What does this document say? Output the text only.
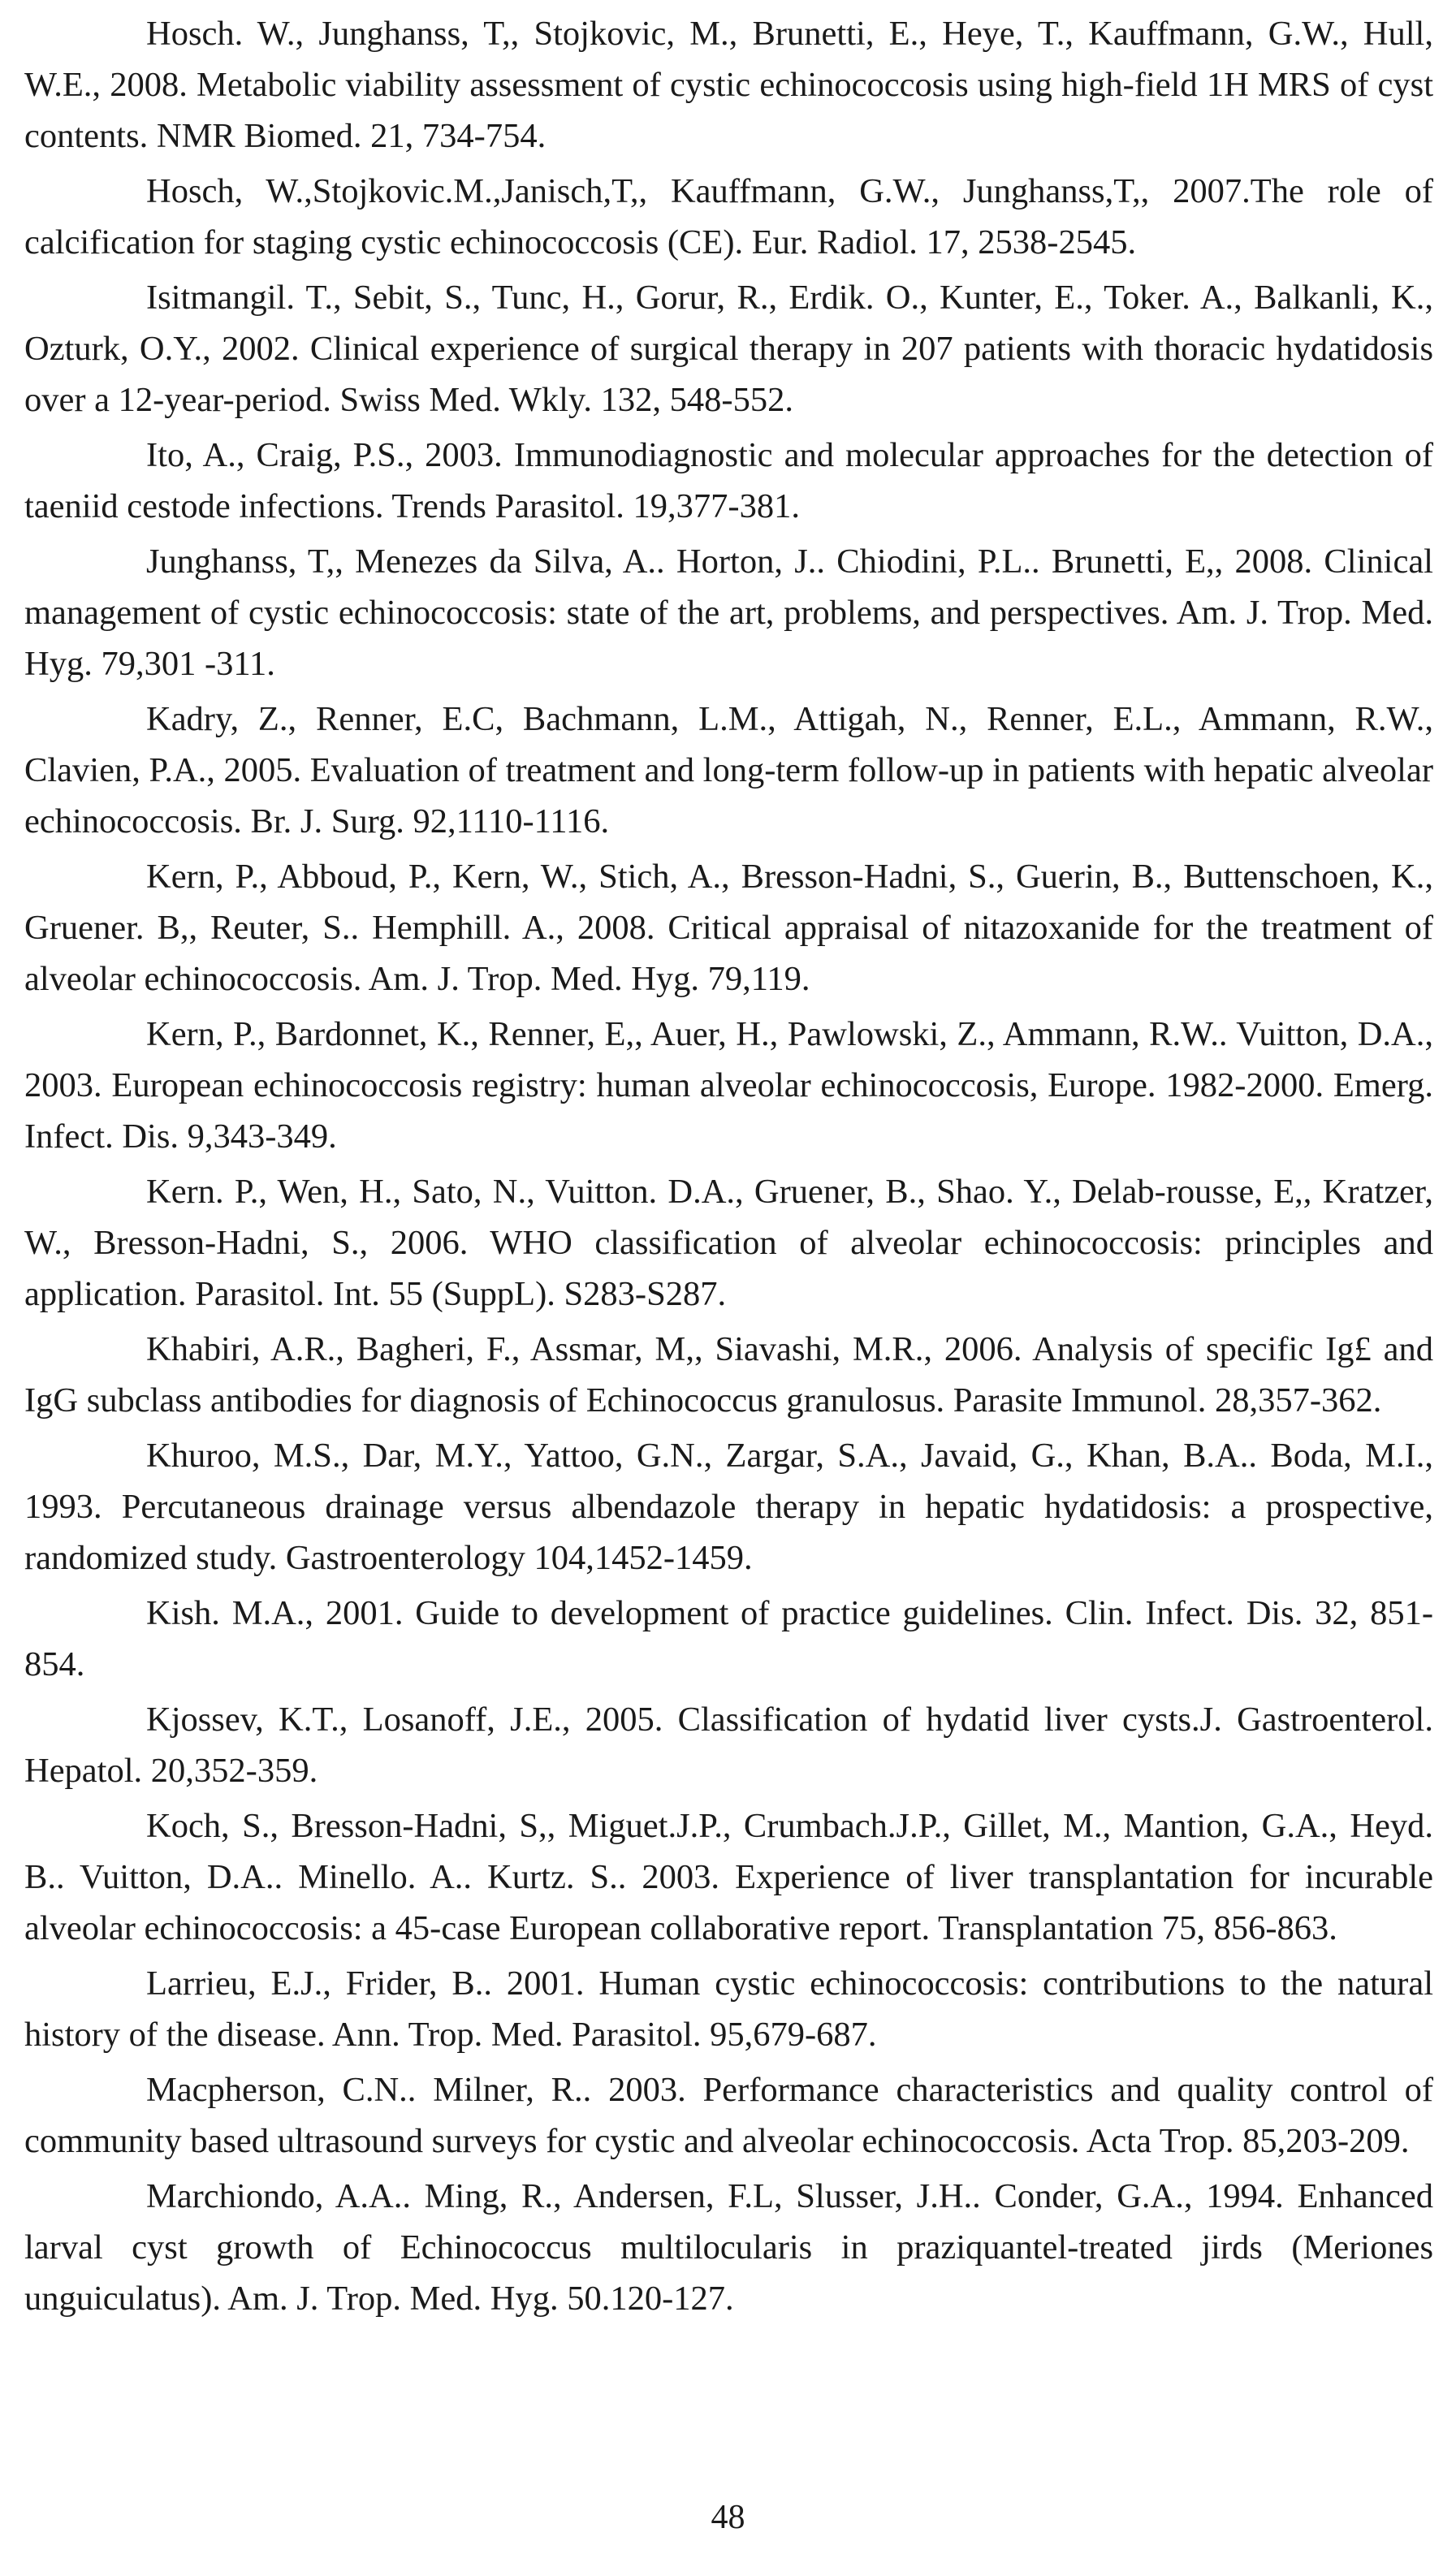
Hosch. W., Junghanss, T,, Stojkovic, M., Brunetti, E., Heye, T., Kauffmann, G.W., Hull, W.E., 2008. Metabolic viability assessment of cystic echinococcosis using high-field 1H MRS of cyst contents. NMR Biomed. 21, 734-754.

Hosch, W.,Stojkovic.M.,Janisch,T,, Kauffmann, G.W., Junghanss,T,, 2007.The role of calcification for staging cystic echinococcosis (CE). Eur. Radiol. 17, 2538-2545.

Isitmangil. T., Sebit, S., Tunc, H., Gorur, R., Erdik. O., Kunter, E., Toker. A., Balkanli, K., Ozturk, O.Y., 2002. Clinical experience of surgical therapy in 207 patients with thoracic hydatidosis over a 12-year-period. Swiss Med. Wkly. 132, 548-552.

Ito, A., Craig, P.S., 2003. Immunodiagnostic and molecular approaches for the detection of taeniid cestode infections. Trends Parasitol. 19,377-381.

Junghanss, T,, Menezes da Silva, A.. Horton, J.. Chiodini, P.L.. Brunetti, E,, 2008. Clinical management of cystic echinococcosis: state of the art, problems, and perspectives. Am. J. Trop. Med. Hyg. 79,301 -311.

Kadry, Z., Renner, E.C, Bachmann, L.M., Attigah, N., Renner, E.L., Ammann, R.W., Clavien, P.A., 2005. Evaluation of treatment and long-term follow-up in patients with hepatic alveolar echinococcosis. Br. J. Surg. 92,1110-1116.

Kern, P., Abboud, P., Kern, W., Stich, A., Bresson-Hadni, S., Guerin, B., Buttenschoen, K., Gruener. B,, Reuter, S.. Hemphill. A., 2008. Critical appraisal of nitazoxanide for the treatment of alveolar echinococcosis. Am. J. Trop. Med. Hyg. 79,119.

Kern, P., Bardonnet, K., Renner, E,, Auer, H., Pawlowski, Z., Ammann, R.W.. Vuitton, D.A., 2003. European echinococcosis registry: human alveolar echinococcosis, Europe. 1982-2000. Emerg. Infect. Dis. 9,343-349.

Kern. P., Wen, H., Sato, N., Vuitton. D.A., Gruener, B., Shao. Y., Delab-rousse, E,, Kratzer, W., Bresson-Hadni, S., 2006. WHO classification of alveolar echinococcosis: principles and application. Parasitol. Int. 55 (SuppL). S283-S287.

Khabiri, A.R., Bagheri, F., Assmar, M,, Siavashi, M.R., 2006. Analysis of specific Ig£ and IgG subclass antibodies for diagnosis of Echinococcus granulosus. Parasite Immunol. 28,357-362.

Khuroo, M.S., Dar, M.Y., Yattoo, G.N., Zargar, S.A., Javaid, G., Khan, B.A.. Boda, M.I., 1993. Percutaneous drainage versus albendazole therapy in hepatic hydatidosis: a prospective, randomized study. Gastroenterology 104,1452-1459.

Kish. M.A., 2001. Guide to development of practice guidelines. Clin. Infect. Dis. 32, 851-854.

Kjossev, K.T., Losanoff, J.E., 2005. Classification of hydatid liver cysts.J. Gastroenterol. Hepatol. 20,352-359.

Koch, S., Bresson-Hadni, S,, Miguet.J.P., Crumbach.J.P., Gillet, M., Mantion, G.A., Heyd. B.. Vuitton, D.A.. Minello. A.. Kurtz. S.. 2003. Experience of liver transplantation for incurable alveolar echinococcosis: a 45-case European collaborative report. Transplantation 75, 856-863.

Larrieu, E.J., Frider, B.. 2001. Human cystic echinococcosis: contributions to the natural history of the disease. Ann. Trop. Med. Parasitol. 95,679-687.

Macpherson, C.N.. Milner, R.. 2003. Performance characteristics and quality control of community based ultrasound surveys for cystic and alveolar echinococcosis. Acta Trop. 85,203-209.

Marchiondo, A.A.. Ming, R., Andersen, F.L, Slusser, J.H.. Conder, G.A., 1994. Enhanced larval cyst growth of Echinococcus multilocularis in praziquantel-treated jirds (Meriones unguiculatus). Am. J. Trop. Med. Hyg. 50.120-127.

48
